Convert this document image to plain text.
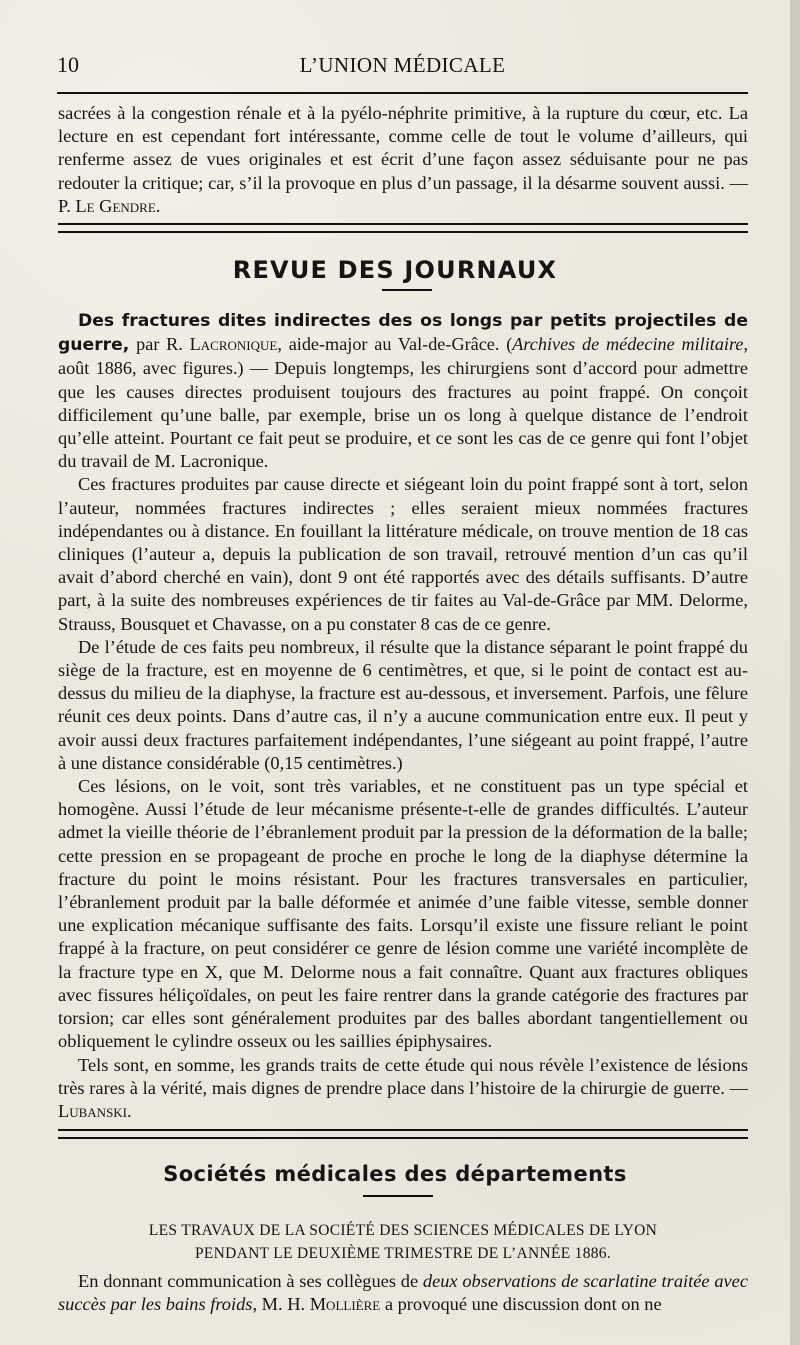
10	L’UNION MÉDICALE

sacrées à la congestion rénale et à la pyélo-néphrite primitive, à la rupture du cœur, etc. La lecture en est cependant fort intéressante, comme celle de tout le volume d’ailleurs, qui renferme assez de vues originales et est écrit d’une façon assez séduisante pour ne pas redouter la critique; car, s’il la provoque en plus d’un passage, il la désarme souvent aussi. — P. Le Gendre.

REVUE DES JOURNAUX

Des fractures dites indirectes des os longs par petits projectiles de guerre, par R. Lacronique, aide-major au Val-de-Grâce. (Archives de médecine militaire, août 1886, avec figures.) — Depuis longtemps, les chirurgiens sont d’accord pour admettre que les causes directes produisent toujours des fractures au point frappé. On conçoit difficilement qu’une balle, par exemple, brise un os long à quelque distance de l’endroit qu’elle atteint. Pourtant ce fait peut se produire, et ce sont les cas de ce genre qui font l’objet du travail de M. Lacronique.

Ces fractures produites par cause directe et siégeant loin du point frappé sont à tort, selon l’auteur, nommées fractures indirectes ; elles seraient mieux nommées fractures indépendantes ou à distance. En fouillant la littérature médicale, on trouve mention de 18 cas cliniques (l’auteur a, depuis la publication de son travail, retrouvé mention d’un cas qu’il avait d’abord cherché en vain), dont 9 ont été rapportés avec des détails suffisants. D’autre part, à la suite des nombreuses expériences de tir faites au Val-de-Grâce par MM. Delorme, Strauss, Bousquet et Chavasse, on a pu constater 8 cas de ce genre.

De l’étude de ces faits peu nombreux, il résulte que la distance séparant le point frappé du siège de la fracture, est en moyenne de 6 centimètres, et que, si le point de contact est au-dessus du milieu de la diaphyse, la fracture est au-dessous, et inversement. Parfois, une fêlure réunit ces deux points. Dans d’autre cas, il n’y a aucune communication entre eux. Il peut y avoir aussi deux fractures parfaitement indépendantes, l’une siégeant au point frappé, l’autre à une distance considérable (0,15 centimètres.)

Ces lésions, on le voit, sont très variables, et ne constituent pas un type spécial et homogène. Aussi l’étude de leur mécanisme présente-t-elle de grandes difficultés. L’auteur admet la vieille théorie de l’ébranlement produit par la pression de la déformation de la balle; cette pression en se propageant de proche en proche le long de la diaphyse détermine la fracture du point le moins résistant. Pour les fractures transversales en particulier, l’ébranlement produit par la balle déformée et animée d’une faible vitesse, semble donner une explication mécanique suffisante des faits. Lorsqu’il existe une fissure reliant le point frappé à la fracture, on peut considérer ce genre de lésion comme une variété incomplète de la fracture type en X, que M. Delorme nous a fait connaître. Quant aux fractures obliques avec fissures héliçoïdales, on peut les faire rentrer dans la grande catégorie des fractures par torsion; car elles sont généralement produites par des balles abordant tangentiellement ou obliquement le cylindre osseux ou les saillies épiphysaires.

Tels sont, en somme, les grands traits de cette étude qui nous révèle l’existence de lésions très rares à la vérité, mais dignes de prendre place dans l’histoire de la chirurgie de guerre. — Lubanski.

Sociétés médicales des départements
LES TRAVAUX DE LA SOCIÉTÉ DES SCIENCES MÉDICALES DE LYON
PENDANT LE DEUXIÈME TRIMESTRE DE L’ANNÉE 1886.

En donnant communication à ses collègues de deux observations de scarlatine traitée avec succès par les bains froids, M. H. Mollière a provoqué une discussion dont on ne
